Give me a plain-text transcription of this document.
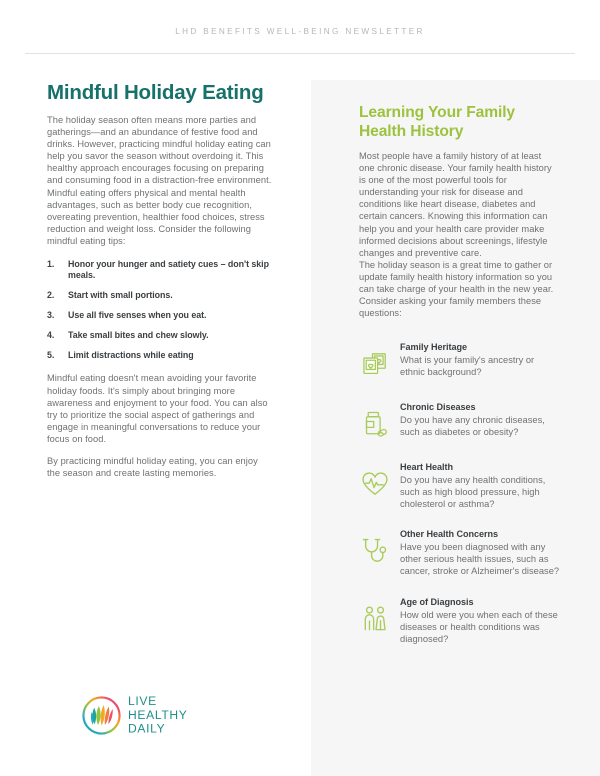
LHD BENEFITS WELL-BEING NEWSLETTER
Mindful Holiday Eating

The holiday season often means more parties and gatherings—and an abundance of festive food and drinks. However, practicing mindful holiday eating can help you savor the season without overdoing it. This healthy approach encourages focusing on preparing and consuming food in a distraction-free environment. Mindful eating offers physical and mental health advantages, such as better body cue recognition, overeating prevention, healthier food choices, stress reduction and weight loss. Consider the following mindful eating tips:

Honor your hunger and satiety cues – don't skip meals.
Start with small portions.
Use all five senses when you eat.
Take small bites and chew slowly.
Limit distractions while eating

Mindful eating doesn't mean avoiding your favorite holiday foods. It's simply about bringing more awareness and enjoyment to your food. You can also try to prioritize the social aspect of gatherings and engage in meaningful conversations to reduce your focus on food.

By practicing mindful holiday eating, you can enjoy the season and create lasting memories.

LIVE
HEALTHY
DAILY
Learning Your Family Health History

Most people have a family history of at least one chronic disease. Your family health history is one of the most powerful tools for understanding your risk for disease and conditions like heart disease, diabetes and certain cancers. Knowing this information can help you and your health care provider make informed decisions about screenings, lifestyle changes and preventive care.

The holiday season is a great time to gather or update family health history information so you can take charge of your health in the new year. Consider asking your family members these questions:

Family Heritage
What is your family's ancestry or ethnic background?
Chronic Diseases
Do you have any chronic diseases, such as diabetes or obesity?
Heart Health
Do you have any health conditions, such as high blood pressure, high cholesterol or asthma?
Other Health Concerns
Have you been diagnosed with any other serious health issues, such as cancer, stroke or Alzheimer's disease?
Age of Diagnosis
How old were you when each of these diseases or health conditions was diagnosed?
